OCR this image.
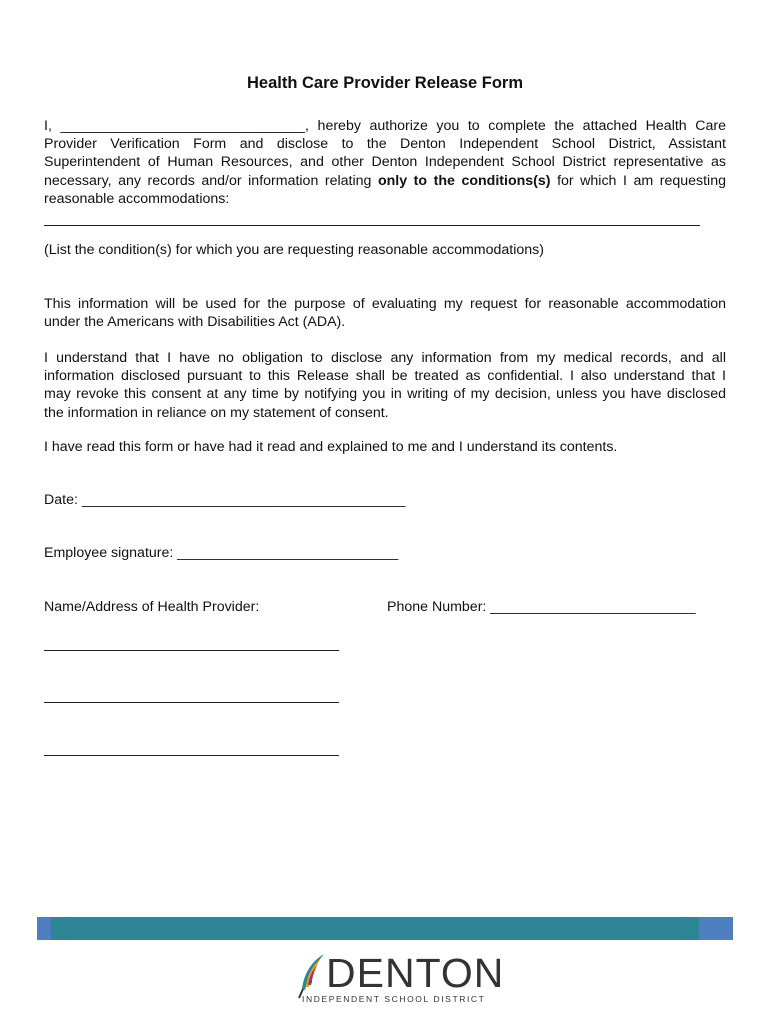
Health Care Provider Release Form
I, _______________________________, hereby authorize you to complete the attached Health Care
Provider Verification Form and disclose to the Denton Independent School District, Assistant
Superintendent of Human Resources, and other Denton Independent School District representative as
necessary, any records and/or information relating only to the conditions(s) for which I am requesting
reasonable accommodations:
(List the condition(s) for which you are requesting reasonable accommodations)
This information will be used for the purpose of evaluating my request for reasonable accommodation
under the Americans with Disabilities Act (ADA).
I understand that I have no obligation to disclose any information from my medical records, and all
information disclosed pursuant to this Release shall be treated as confidential. I also understand that I
may revoke this consent at any time by notifying you in writing of my decision, unless you have disclosed
the information in reliance on my statement of consent.
I have read this form or have had it read and explained to me and I understand its contents.
Date: _________________________________________
Employee signature: ____________________________
Name/Address of Health Provider:	Phone Number: __________________________
DENTON
INDEPENDENT SCHOOL DISTRICT
